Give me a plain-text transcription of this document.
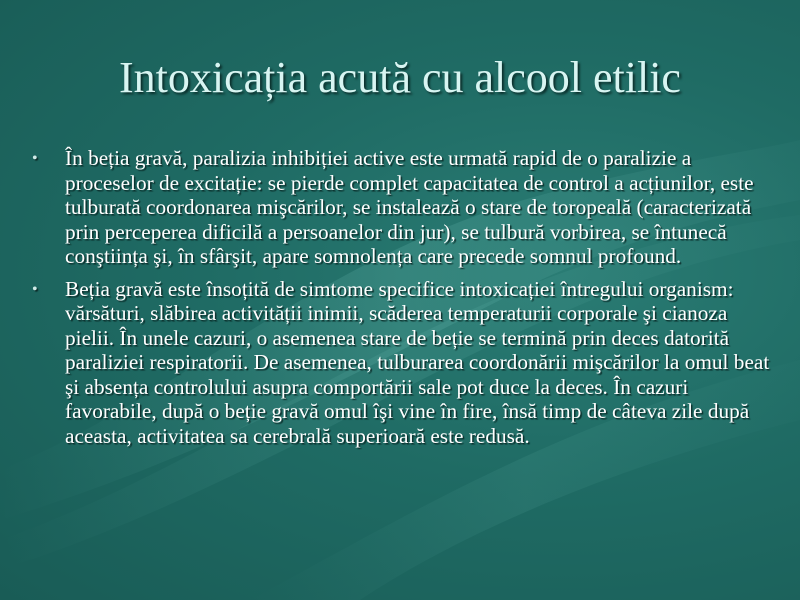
Intoxicația acută cu alcool etilic
• În beția gravă, paralizia inhibiției active este urmată rapid de o paralizie a proceselor de excitație: se pierde complet capacitatea de control a acțiunilor, este tulburată coordonarea mişcărilor, se instalează o stare de toropeală (caracterizată prin perceperea dificilă a persoanelor din jur), se tulbură vorbirea, se întunecă conştiința şi, în sfârşit, apare somnolența care precede somnul profound.
• Beția gravă este însoțită de simtome specifice intoxicației întregului organism: vărsături, slăbirea activității inimii, scăderea temperaturii corporale şi cianoza pielii. În unele cazuri, o asemenea stare de beție se termină prin deces datorită paraliziei respiratorii. De asemenea, tulburarea coordonării mişcărilor la omul beat şi absența controlului asupra comportării sale pot duce la deces. În cazuri favorabile, după o beție gravă omul îşi vine în fire, însă timp de câteva zile după aceasta, activitatea sa cerebrală superioară este redusă.
